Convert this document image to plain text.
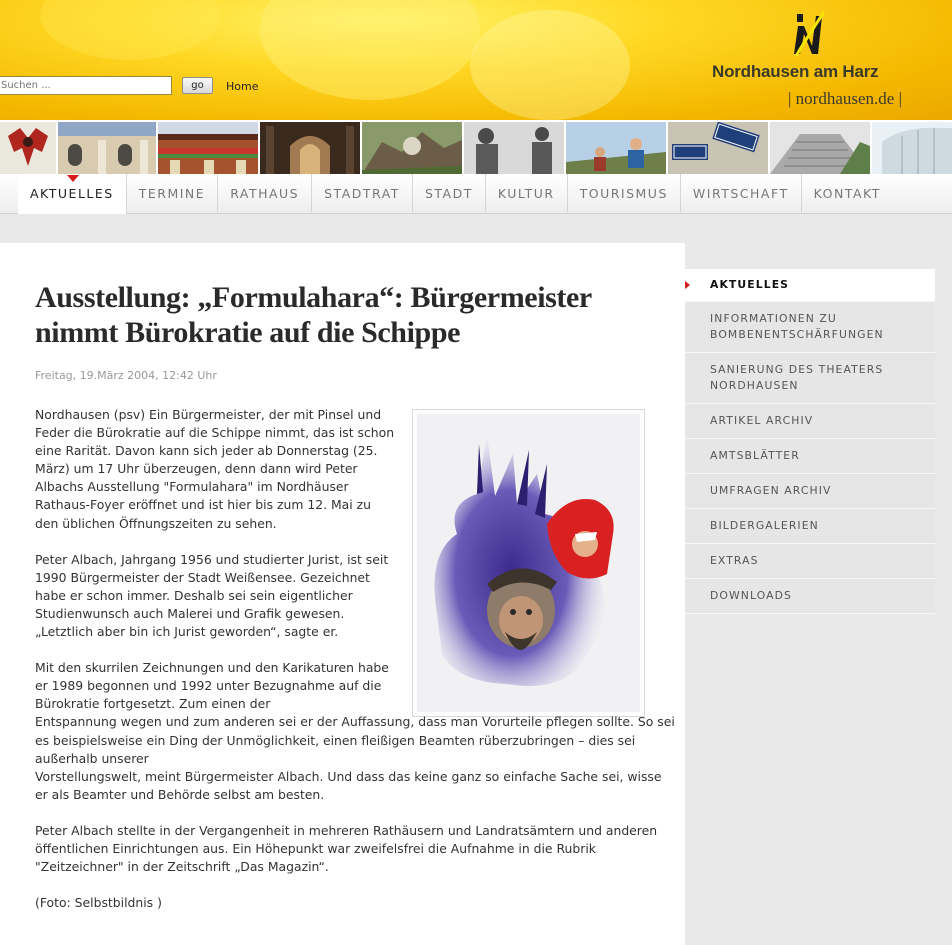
Suchen ...
go	Home
Nordhausen am Harz
| nordhausen.de |
AKTUELLES	TERMINE	RATHAUS	STADTRAT	STADT	KULTUR	TOURISMUS	WIRTSCHAFT	KONTAKT
Ausstellung: „Formulahara“: Bürgermeister nimmt Bürokratie auf die Schippe
Freitag, 19.März 2004, 12:42 Uhr

Nordhausen (psv) Ein Bürgermeister, der mit Pinsel und Feder die Bürokratie auf die Schippe nimmt, das ist schon eine Rarität. Davon kann sich jeder ab Donnerstag (25. März) um 17 Uhr überzeugen, denn dann wird Peter Albachs Ausstellung "Formulahara" im Nordhäuser Rathaus-Foyer eröffnet und ist hier bis zum 12. Mai zu den üblichen Öffnungszeiten zu sehen.

Peter Albach, Jahrgang 1956 und studierter Jurist, ist seit 1990 Bürgermeister der Stadt Weißensee. Gezeichnet habe er schon immer. Deshalb sei sein eigentlicher Studienwunsch auch Malerei und Grafik gewesen. „Letztlich aber bin ich Jurist geworden“, sagte er.

Mit den skurrilen Zeichnungen und den Karikaturen habe er 1989 begonnen und 1992 unter Bezugnahme auf die Bürokratie fortgesetzt. Zum einen der

Entspannung wegen und zum anderen sei er der Auffassung, dass man Vorurteile pflegen sollte. So sei es beispielsweise ein Ding der Unmöglichkeit, einen fleißigen Beamten rüberzubringen – dies sei außerhalb unserer

Vorstellungswelt, meint Bürgermeister Albach. Und dass das keine ganz so einfache Sache sei, wisse er als Beamter und Behörde selbst am besten.

Peter Albach stellte in der Vergangenheit in mehreren Rathäusern und Landratsämtern und anderen öffentlichen Einrichtungen aus. Ein Höhepunkt war zweifelsfrei die Aufnahme in die Rubrik "Zeitzeichner" in der Zeitschrift „Das Magazin“.

(Foto: Selbstbildnis )

AKTUELLES
INFORMATIONEN ZU BOMBENENTSCHÄRFUNGEN
SANIERUNG DES THEATERS NORDHAUSEN
ARTIKEL ARCHIV
AMTSBLÄTTER
UMFRAGEN ARCHIV
BILDERGALERIEN
EXTRAS
DOWNLOADS
